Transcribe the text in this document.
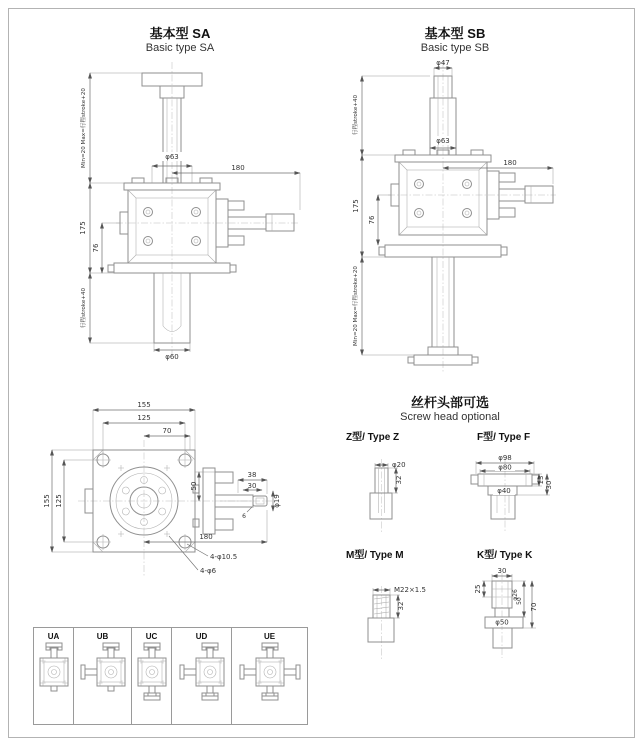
基本型 SA
Basic type SA
基本型 SB
Basic type SB
Min=20 Max=行程stroke+20
175
76
行程stroke+40
φ63
180
φ60
φ47
行程stroke+40
175
76
Min=20 Max=行程stroke+20
φ63
180
155
125
70
155 125
50
38
30
φ19
6
180
4-φ10.5
4-φ6
丝杆头部可选
Screw head optional
Z型/ Type Z	F型/ Type F
M型/ Type M	K型/ Type K
φ20
32
φ98
φ80
13
30
φ40
M22×1.5
32
30
25
φ26
50
70
φ50
UA	UB	UC	UD	UE
